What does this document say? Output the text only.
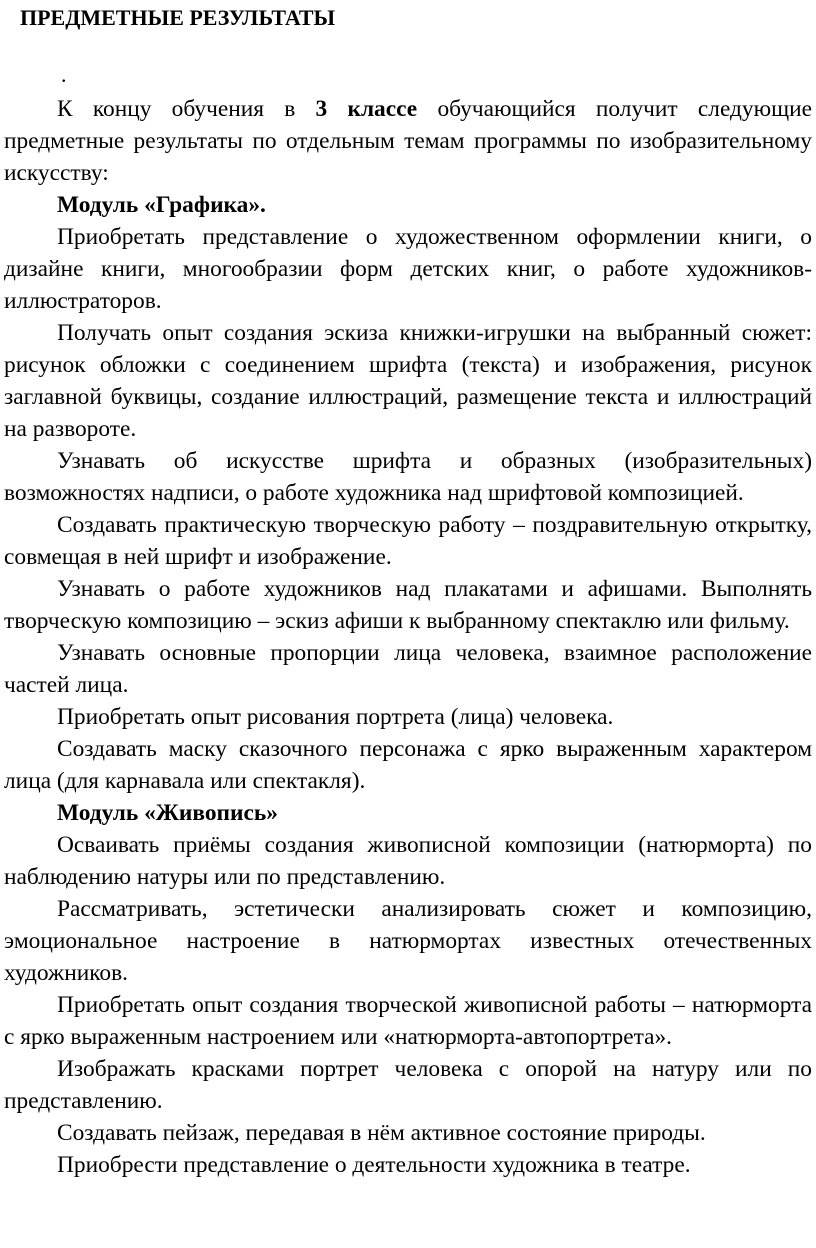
ПРЕДМЕТНЫЕ РЕЗУЛЬТАТЫ
.

К концу обучения в 3 классе обучающийся получит следующие предметные результаты по отдельным темам программы по изобразительному искусству:

Модуль «Графика».

Приобретать представление о художественном оформлении книги, о дизайне книги, многообразии форм детских книг, о работе художников-иллюстраторов.

Получать опыт создания эскиза книжки-игрушки на выбранный сюжет: рисунок обложки с соединением шрифта (текста) и изображения, рисунок заглавной буквицы, создание иллюстраций, размещение текста и иллюстраций на развороте.

Узнавать об искусстве шрифта и образных (изобразительных) возможностях надписи, о работе художника над шрифтовой композицией.

Создавать практическую творческую работу – поздравительную открытку, совмещая в ней шрифт и изображение.

Узнавать о работе художников над плакатами и афишами. Выполнять творческую композицию – эскиз афиши к выбранному спектаклю или фильму.

Узнавать основные пропорции лица человека, взаимное расположение частей лица.

Приобретать опыт рисования портрета (лица) человека.

Создавать маску сказочного персонажа с ярко выраженным характером лица (для карнавала или спектакля).

Модуль «Живопись»

Осваивать приёмы создания живописной композиции (натюрморта) по наблюдению натуры или по представлению.

Рассматривать, эстетически анализировать сюжет и композицию, эмоциональное настроение в натюрмортах известных отечественных художников.

Приобретать опыт создания творческой живописной работы – натюрморта с ярко выраженным настроением или «натюрморта-автопортрета».

Изображать красками портрет человека с опорой на натуру или по представлению.

Создавать пейзаж, передавая в нём активное состояние природы.

Приобрести представление о деятельности художника в театре.
